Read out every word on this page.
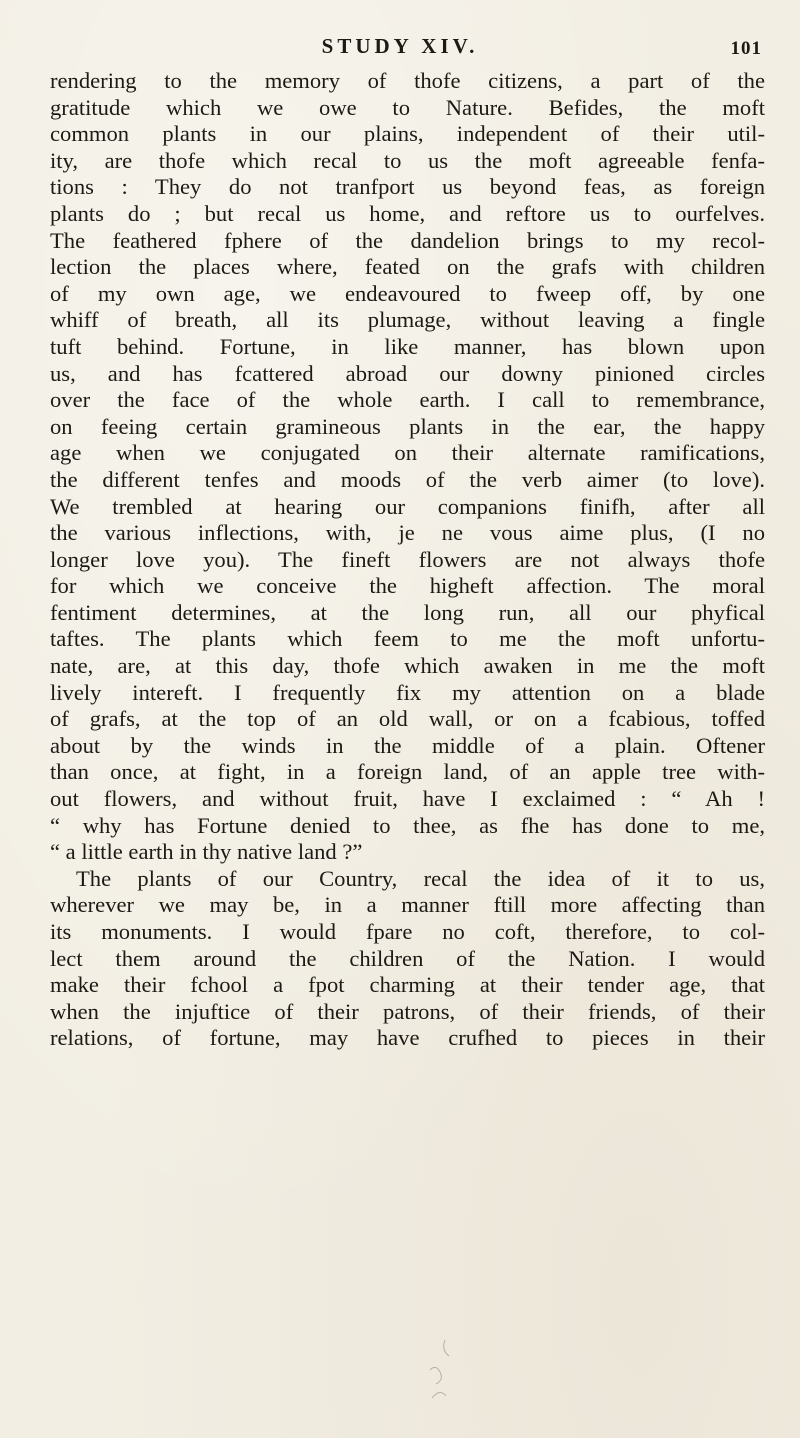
STUDY XIV.	101
rendering to the memory of thofe citizens, a part of the
gratitude which we owe to Nature. Befides, the moft
common plants in our plains, independent of their util-
ity, are thofe which recal to us the moft agreeable fenfa-
tions : They do not tranfport us beyond feas, as foreign
plants do ; but recal us home, and reftore us to ourfelves.
The feathered fphere of the dandelion brings to my recol-
lection the places where, feated on the grafs with children
of my own age, we endeavoured to fweep off, by one
whiff of breath, all its plumage, without leaving a fingle
tuft behind. Fortune, in like manner, has blown upon
us, and has fcattered abroad our downy pinioned circles
over the face of the whole earth. I call to remembrance,
on feeing certain gramineous plants in the ear, the happy
age when we conjugated on their alternate ramifications,
the different tenfes and moods of the verb aimer (to love).
We trembled at hearing our companions finifh, after all
the various inflections, with, je ne vous aime plus, (I no
longer love you). The fineft flowers are not always thofe
for which we conceive the higheft affection. The moral
fentiment determines, at the long run, all our phyfical
taftes. The plants which feem to me the moft unfortu-
nate, are, at this day, thofe which awaken in me the moft
lively intereft. I frequently fix my attention on a blade
of grafs, at the top of an old wall, or on a fcabious, toffed
about by the winds in the middle of a plain. Oftener
than once, at fight, in a foreign land, of an apple tree with-
out flowers, and without fruit, have I exclaimed : “ Ah !
“ why has Fortune denied to thee, as fhe has done to me,
“ a little earth in thy native land ?”
The plants of our Country, recal the idea of it to us,
wherever we may be, in a manner ftill more affecting than
its monuments. I would fpare no coft, therefore, to col-
lect them around the children of the Nation. I would
make their fchool a fpot charming at their tender age, that
when the injuftice of their patrons, of their friends, of their
relations, of fortune, may have crufhed to pieces in their
